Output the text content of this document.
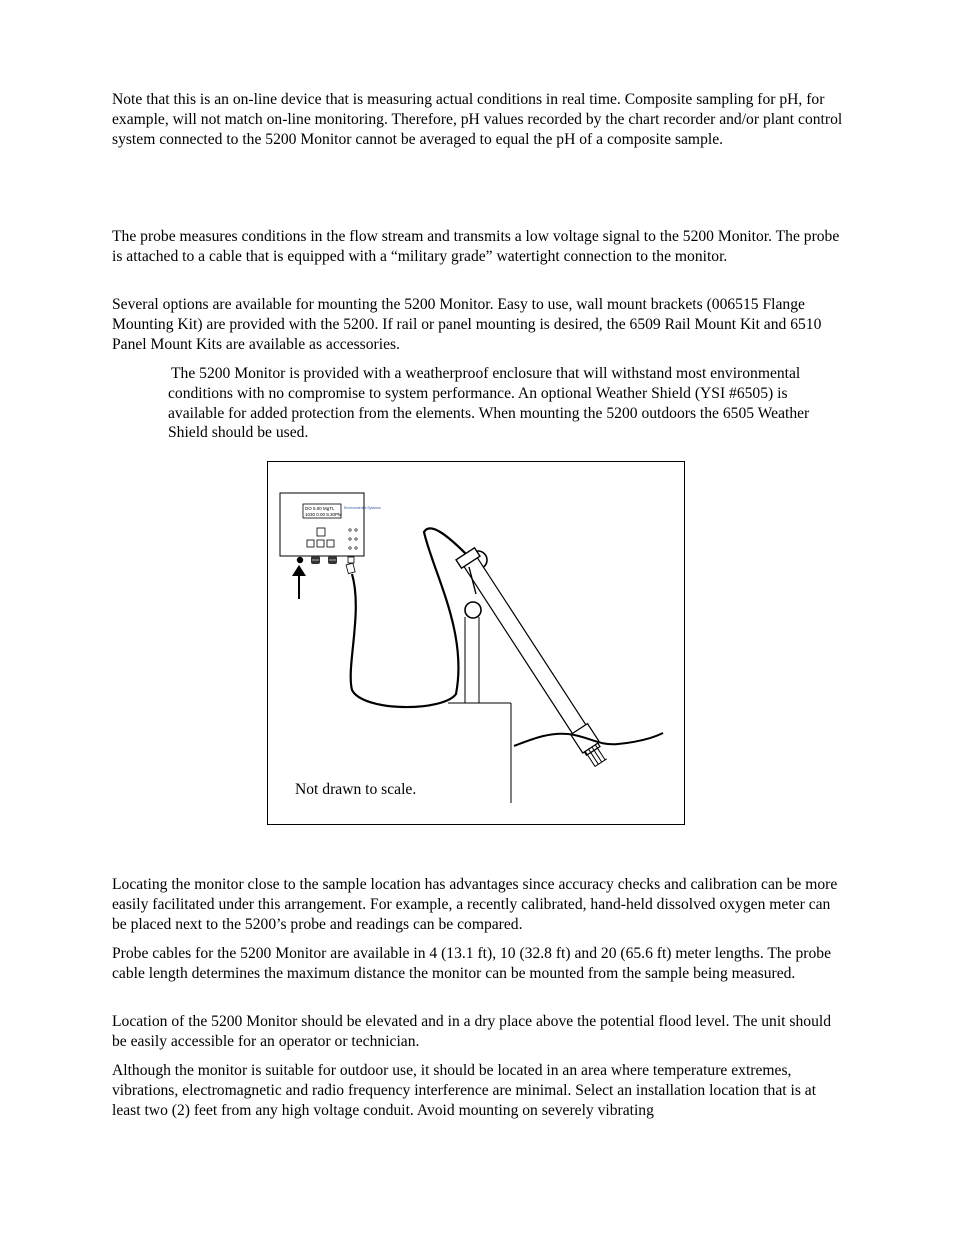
Note that this is an on-line device that is measuring actual conditions in real time. Composite sampling for pH, for example, will not match on-line monitoring. Therefore, pH values recorded by the chart recorder and/or plant control system connected to the 5200 Monitor cannot be averaged to equal the pH of a composite sample.

The probe measures conditions in the flow stream and transmits a low voltage signal to the 5200 Monitor. The probe is attached to a cable that is equipped with a “military grade” watertight connection to the monitor.

Several options are available for mounting the 5200 Monitor. Easy to use, wall mount brackets (006515 Flange Mounting Kit) are provided with the 5200. If rail or panel mounting is desired, the 6509 Rail Mount Kit and 6510 Panel Mount Kits are available as accessories.

The 5200 Monitor is provided with a weatherproof enclosure that will withstand most environmental conditions with no compromise to system performance. An optional Weather Shield (YSI #6505) is available for added protection from the elements. When mounting the 5200 outdoors the 6505 Weather Shield should be used.

DO 5.00 MgTL
1030 0.00 9.30PM
Environmental Systems
Not drawn to scale.

Locating the monitor close to the sample location has advantages since accuracy checks and calibration can be more easily facilitated under this arrangement. For example, a recently calibrated, hand-held dissolved oxygen meter can be placed next to the 5200’s probe and readings can be compared.

Probe cables for the 5200 Monitor are available in 4 (13.1 ft), 10 (32.8 ft) and 20 (65.6 ft) meter lengths. The probe cable length determines the maximum distance the monitor can be mounted from the sample being measured.

Location of the 5200 Monitor should be elevated and in a dry place above the potential flood level. The unit should be easily accessible for an operator or technician.

Although the monitor is suitable for outdoor use, it should be located in an area where temperature extremes, vibrations, electromagnetic and radio frequency interference are minimal. Select an installation location that is at least two (2) feet from any high voltage conduit. Avoid mounting on severely vibrating
